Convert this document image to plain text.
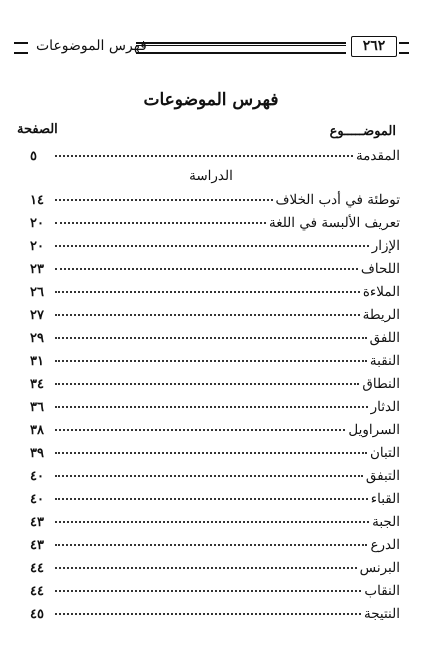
فهرس الموضوعات	٢٦٢
فهرس الموضوعات
الموضـــــوع
الصفحة
الدراسة
المقدمة
٥
توطئة في أدب الخلاف
١٤
تعريف الألبسة في اللغة
٢٠
الإزار
٢٠
اللحاف
٢٣
الملاءة
٢٦
الريطة
٢٧
اللفق
٢٩
النقبة
٣١
النطاق
٣٤
الدثار
٣٦
السراويل
٣٨
التبان
٣٩
التبفق
٤٠
القباء
٤٠
الجبة
٤٣
الدرع
٤٣
البرنس
٤٤
النقاب
٤٤
النتيجة
٤٥
